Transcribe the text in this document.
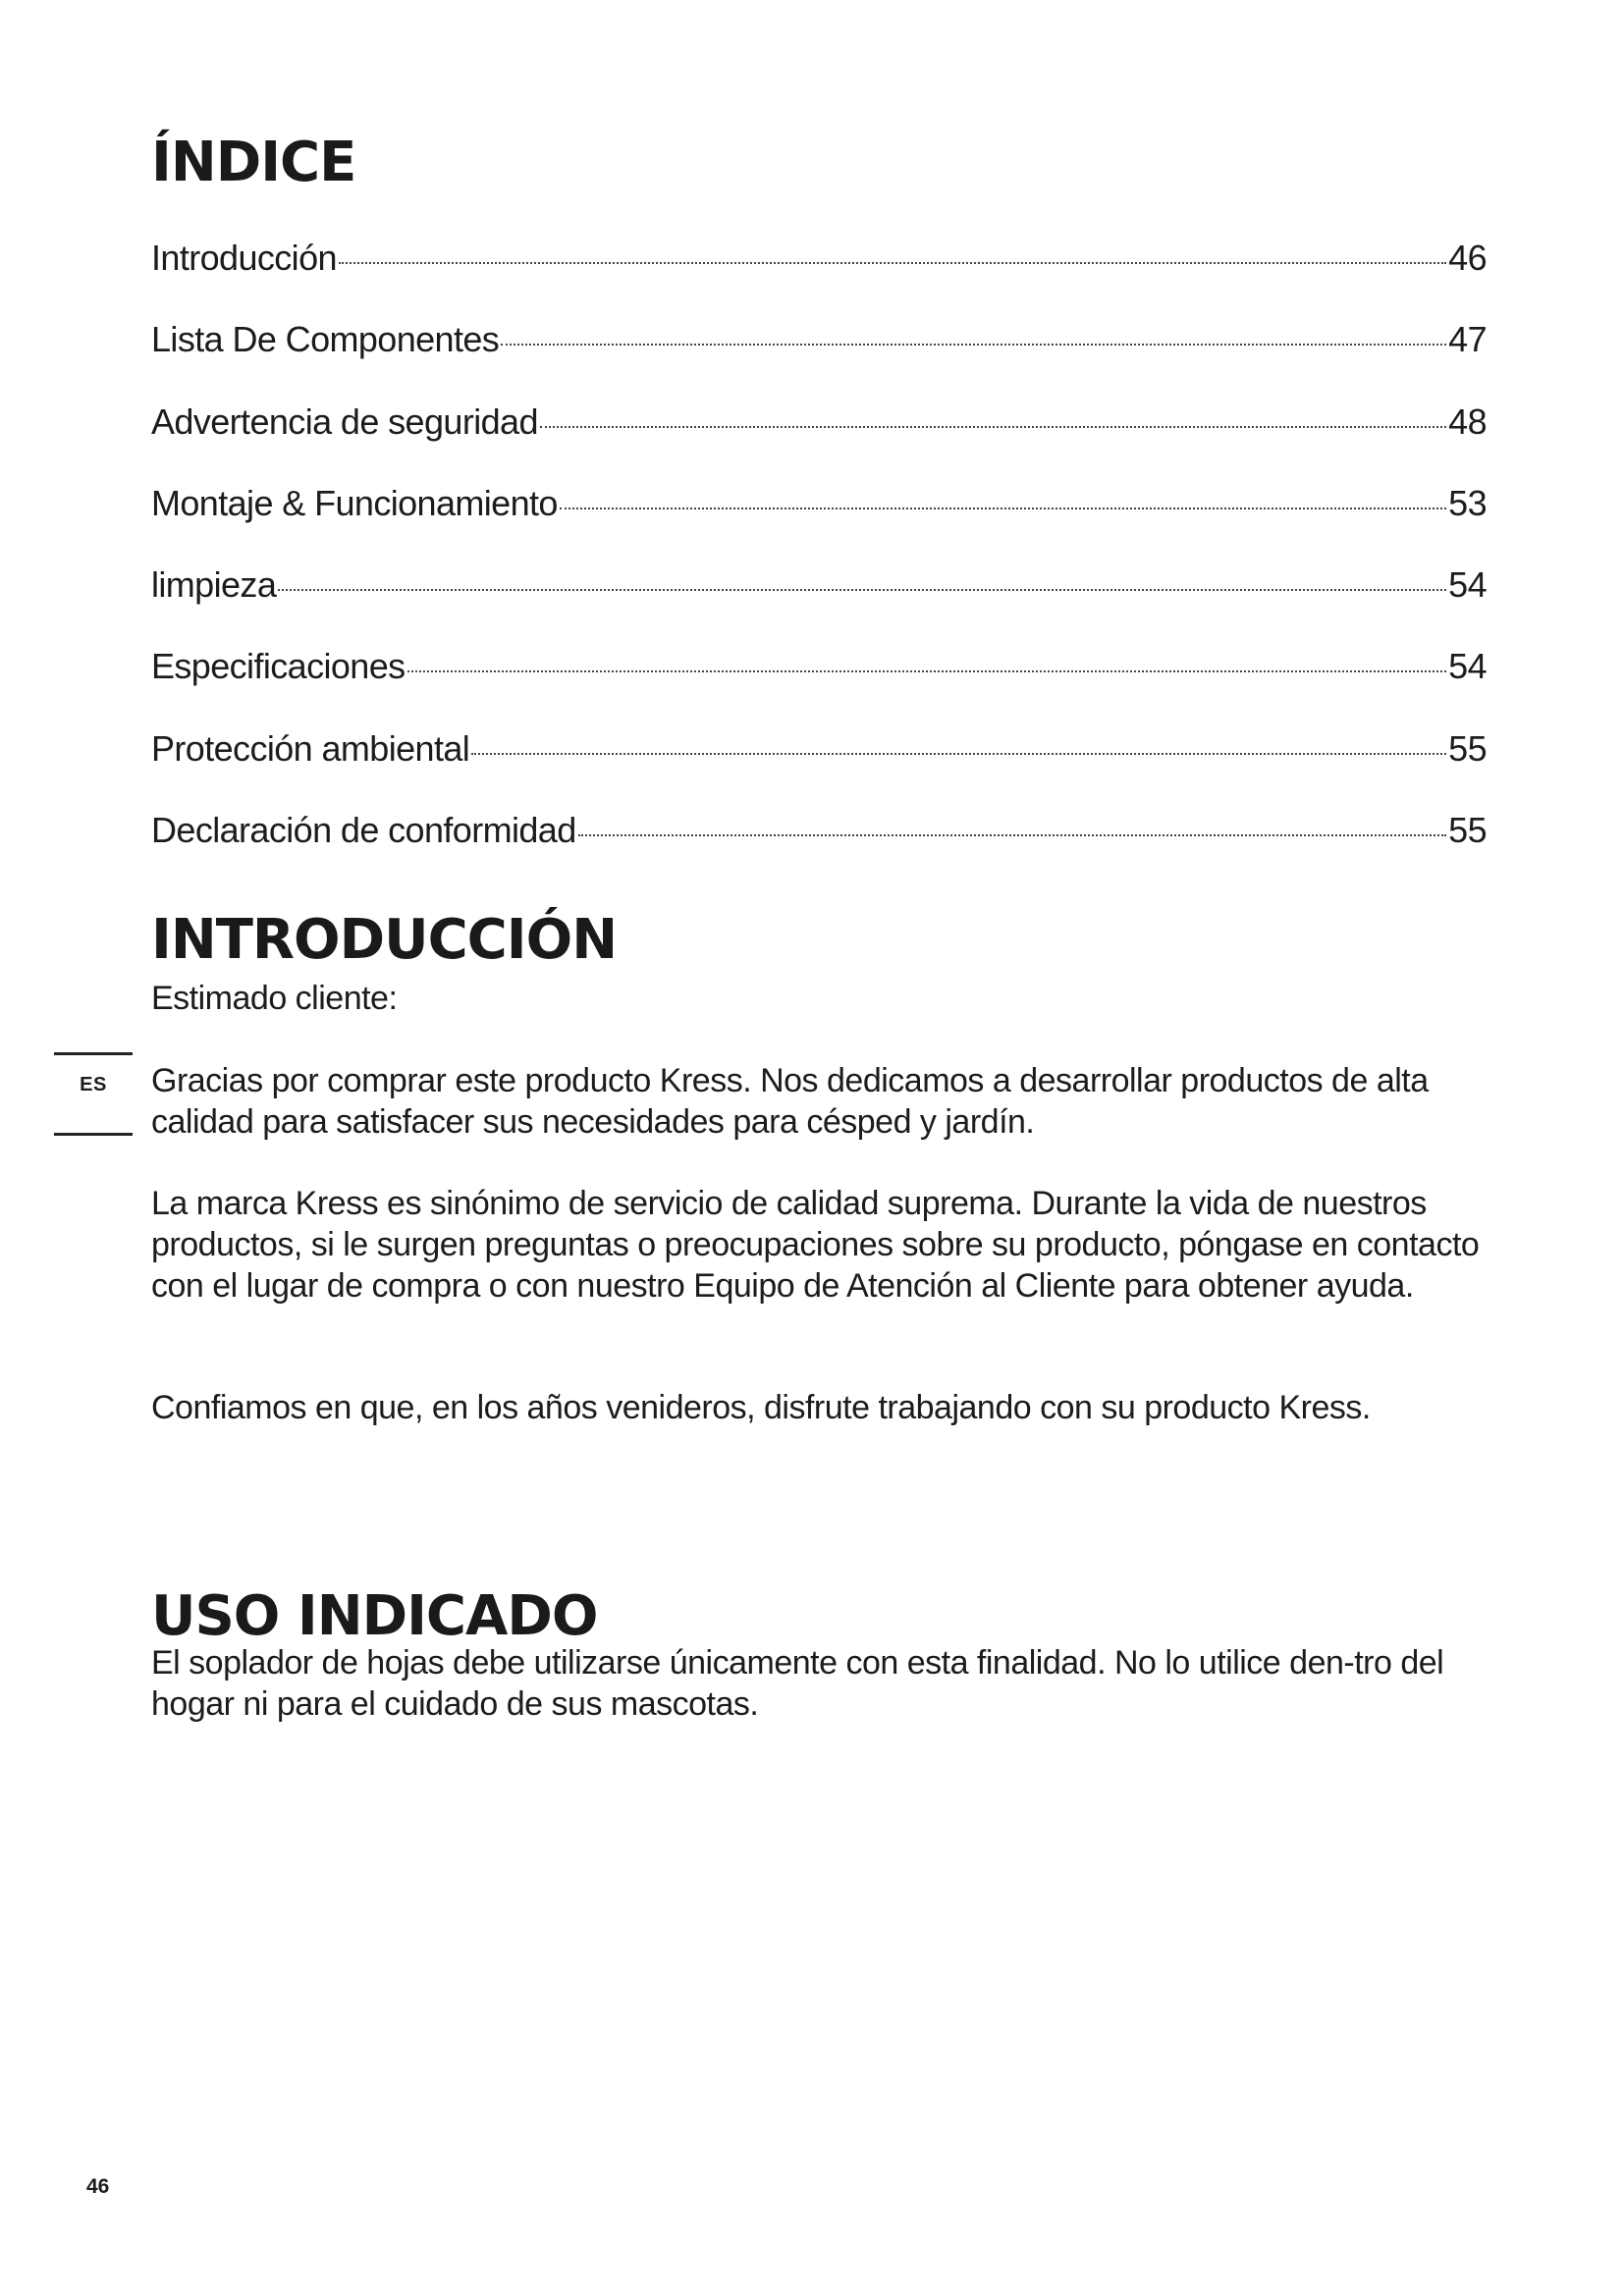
ÍNDICE
Introducción	46
Lista De Componentes	47
Advertencia de seguridad	48
Montaje & Funcionamiento	53
limpieza	54
Especificaciones	54
Protección ambiental	55
Declaración de conformidad	55
INTRODUCCIÓN

Estimado cliente:

Gracias por comprar este producto Kress. Nos dedicamos a desarrollar productos de alta calidad para satisfacer sus necesidades para césped y jardín.

La marca Kress es sinónimo de servicio de calidad suprema. Durante la vida de nuestros productos, si le surgen preguntas o preocupaciones sobre su producto, póngase en contacto con el lugar de compra o con nuestro Equipo de Atención al Cliente para obtener ayuda.

Confiamos en que, en los años venideros, disfrute trabajando con su producto Kress.

USO INDICADO

El soplador de hojas debe utilizarse únicamente con esta finalidad. No lo utilice den-tro del hogar ni para el cuidado de sus mascotas.

ES
46
